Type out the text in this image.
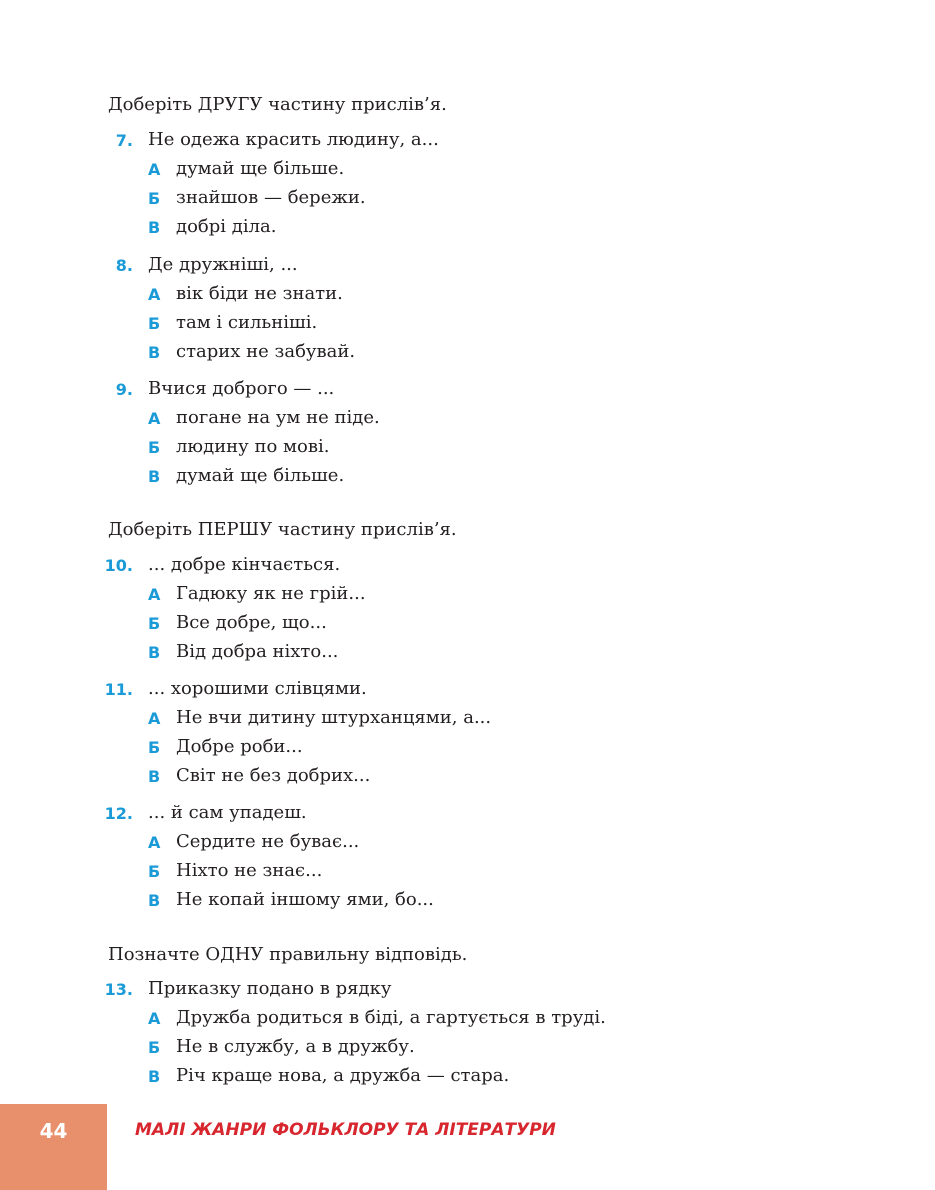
Доберіть ДРУГУ частину прислів’я.
7. Не одежа красить людину, а...
А думай ще більше.
Б знайшов — бережи.
В добрі діла.
8. Де дружніші, ...
А вік біди не знати.
Б там і сильніші.
В старих не забувай.
9. Вчися доброго — ...
А погане на ум не піде.
Б людину по мові.
В думай ще більше.
Доберіть ПЕРШУ частину прислів’я.
10. ... добре кінчається.
А Гадюку як не грій...
Б Все добре, що...
В Від добра ніхто...
11. ... хорошими слівцями.
А Не вчи дитину штурханцями, а...
Б Добре роби...
В Світ не без добрих...
12. ... й сам упадеш.
А Сердите не буває...
Б Ніхто не знає...
В Не копай іншому ями, бо...
Позначте ОДНУ правильну відповідь.
13. Приказку подано в рядку
А Дружба родиться в біді, а гартується в труді.
Б Не в службу, а в дружбу.
В Річ краще нова, а дружба — стара.
44	МАЛІ ЖАНРИ ФОЛЬКЛОРУ ТА ЛІТЕРАТУРИ
